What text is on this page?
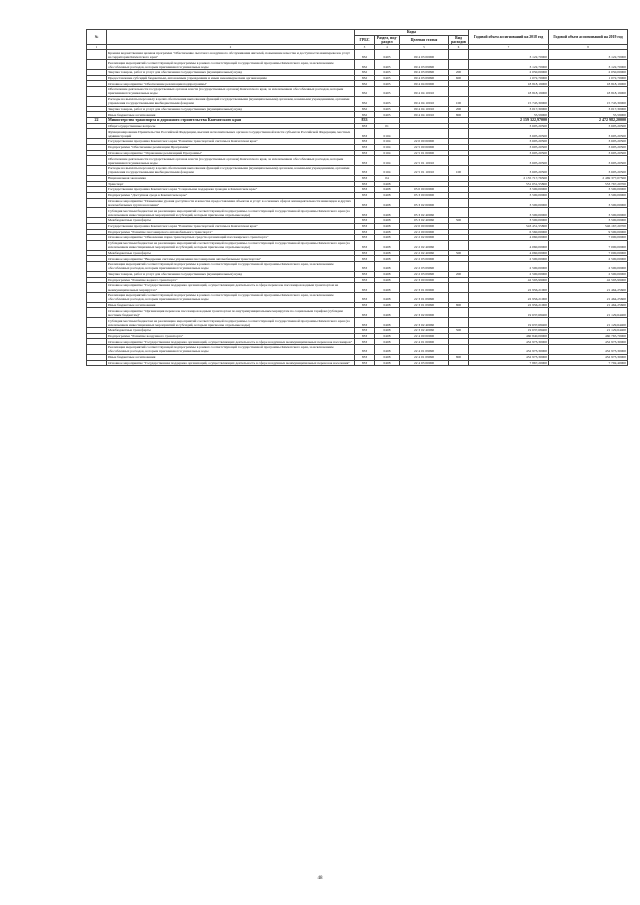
№		Коды				Годовой объем ассигнований на 2018 год	Годовой объем ассигнований на 2019 год
		ГРБС	Раздел, под-раздел	Целевая статья	Вид расходов		
1	2	3	4	5	6	7	8
	Краевая ведомственная целевая программа "Обеспечение льготного воздушного обслуживания жителей, повышение качества и доступности авиаперевозок услуг на территории Камчатского края"	832	0405	09 4 03 00000		3 122,70000	3 122,70000
	Реализация мероприятий соответствующей подпрограммы в рамках соответствующей государственной программы Камчатского края, за исключением обособленных расходов, которым присваиваются уникальные коды	832	0405	09 4 03 09990		3 122,70000	3 122,70000
	Закупка товаров, работ и услуг для обеспечения государственных (муниципальных) нужд	832	0405	09 4 03 09990	200	2 050,00000	2 050,00000
	Предоставление субсидий бюджетным, автономным учреждениям и иным некоммерческим организациям	832	0405	09 4 03 09990	600	1 072,70000	1 072,70000
	Основное мероприятие "Обеспечение реализации подпрограммы"	832	0405	09 4 04 00000		18 818,19000	18 818,19000
	Обеспечение деятельности государственных органов власти (государственных органов) Камчатского края, за исключением обособленных расходов, которым присваиваются уникальные коды	832	0405	09 4 04 10010		18 818,19000	18 818,19000
	Расходы на выплаты персоналу в целях обеспечения выполнения функций государственными (муниципальными) органами, казенными учреждениями, органами управления государственными внебюджетными фондами	832	0405	09 4 04 10010	100	15 745,30000	15 745,30000
	Закупка товаров, работ и услуг для обеспечения государственных (муниципальных) нужд	832	0405	09 4 04 10010	200	3 017,30000	3 017,30000
	Иные бюджетные ассигнования	832	0405	09 4 04 10010	800	55,59000	55,59000
22	Министерство транспорта и дорожного строительства Камчатского края	833				2 159 322,97000	2 472 982,20000
	Общегосударственные вопросы	833	01			3 605,20500	3 605,20500
	Функционирование Правительства Российской Федерации, высших исполнительных органов государственной власти субъектов Российской Федерации, местных администраций	833	0104			3 605,20500	3 605,20500
	Государственная программа Камчатского края "Развитие транспортной системы в Камчатском крае"	833	0104	22 0 00 00000		3 605,20500	3 605,20500
	Подпрограмма "Обеспечение реализации Программы"	833	0104	22 5 00 00000		3 605,20500	3 605,20500
	Основное мероприятие "Управление реализацией Программы"	833	0104	22 5 01 00000		3 605,20500	3 605,20500
	Обеспечение деятельности государственных органов власти (государственных органов) Камчатского края, за исключением обособленных расходов, которым присваиваются уникальные коды	833	0104	22 5 01 10010		3 605,20500	3 605,20500
	Расходы на выплаты персоналу в целях обеспечения выполнения функций государственными (муниципальными) органами, казенными учреждениями, органами управления государственными внебюджетными фондами	833	0104	22 5 01 10010	100	3 605,20500	3 605,20500
	Национальная экономика	833	04			2 155 717,76500	2 469 377,07500
	Транспорт	833	0408			551 051,55800	553 767,20700
	Государственная программа Камчатского края "Социальная поддержка граждан в Камчатском крае"	833	0408	05 0 00 00000		3 500,00000	3 500,00000
	Подпрограмма "Доступная среда в Камчатском крае"	833	0408	05 3 00 00000		3 500,00000	3 500,00000
	Основное мероприятие "Повышение уровня доступности и качества предоставления объектов и услуг в основных сферах жизнедеятельности инвалидов и других маломобильных групп населения"	833	0408	05 3 02 00000		3 500,00000	3 500,00000
	Субсидия местным бюджетам на реализацию мероприятий соответствующей подпрограммы соответствующей государственной программы Камчатского края (за исключением инвестиционных мероприятий и субсидий, которым присвоены отдельные коды)	833	0408	05 3 02 40060		3 500,00000	3 500,00000
	Межбюджетные трансферты	833	0408	05 3 02 40060	500	3 500,00000	3 500,00000
	Государственная программа Камчатского края "Развитие транспортной системы в Камчатском крае"	833	0408	22 0 00 00000		543 451,55800	546 167,20700
	Подпрограмма "Развитие пассажирского автомобильного транспорта"	833	0408	22 2 00 00000		6 560,00000	9 500,00000
	Основное мероприятие "Обновление парка транспортных средств организаций пассажирского транспорта"	833	0408	22 2 02 00000		4 060,00000	7 000,00000
	Субсидия местным бюджетам на реализацию мероприятий соответствующей подпрограммы соответствующей государственной программы Камчатского края (за исключением инвестиционных мероприятий и субсидий, которым присвоены отдельные коды)	833	0408	22 2 02 40060		4 060,00000	7 000,00000
	Межбюджетные трансферты	833	0408	22 2 02 40060	500	4 060,00000	7 000,00000
	Основное мероприятие "Внедрение системы управления пассажирским автомобильным транспортом"	833	0408	22 2 03 00000		2 500,00000	2 500,00000
	Реализация мероприятий соответствующей подпрограммы в рамках соответствующей государственной программы Камчатского края, за исключением обособленных расходов, которым присваиваются уникальные коды	833	0408	22 2 03 09990		2 500,00000	2 500,00000
	Закупка товаров, работ и услуг для обеспечения государственных (муниципальных) нужд	833	0408	22 2 03 09990	200	2 500,00000	2 500,00000
	Подпрограмма "Развитие водного транспорта"	833	0408	22 3 00 00000		42 593,99000	42 593,99000
	Основное мероприятие "Государственная поддержка организаций, осуществляющих деятельность в сфере перевозок пассажиров водным транспортом на межмуниципальных маршрутах"	833	0408	22 3 01 00000		22 956,21000	21 464,25600
	Реализация мероприятий соответствующей подпрограммы в рамках соответствующей государственной программы Камчатского края, за исключением обособленных расходов, которым присваиваются уникальные коды	833	0408	22 3 01 09990		22 956,21000	21 464,25600
	Иные бюджетные ассигнования	833	0408	22 3 01 09990	800	22 956,21000	21 464,25600
	Основное мероприятие "Организация перевозок пассажиров водным транспортом по внутримуниципальным маршрутам по социальным тарифам (субсидии местным бюджетам)"	833	0408	22 3 02 00000		19 637,68400	21 129,64400
	Субсидия местным бюджетам на реализацию мероприятий соответствующей подпрограммы соответствующей государственной программы Камчатского края (за исключением инвестиционных мероприятий и субсидий, которым присвоены отдельные коды)	833	0408	22 3 02 40060		19 637,68400	21 129,64400
	Межбюджетные трансферты	833	0408	22 3 02 40060	500	19 637,68400	21 129,64400
	Подпрограмма "Развитие воздушного транспорта"	833	0408	22 4 00 00000		460 840,00000	460 765,70000
	Основное мероприятие "Государственная поддержка организаций, осуществляющих деятельность в сфере воздушных межмуниципальных перевозок пассажиров"	833	0408	22 4 01 00000		452 973,30000	452 973,30000
	Реализация мероприятий соответствующей подпрограммы в рамках соответствующей государственной программы Камчатского края, за исключением обособленных расходов, которым присваиваются уникальные коды	833	0408	22 4 01 09990		452 973,30000	452 973,30000
	Иные бюджетные ассигнования	833	0408	22 4 01 09990	800	452 973,30000	452 973,30000
	Основное мероприятие "Государственная поддержка организаций, осуществляющих деятельность в сфере воздушных межмуниципальных перевозок населения"	833	0408	22 4 03 00000		7 867,20000	7 792,40000
48
